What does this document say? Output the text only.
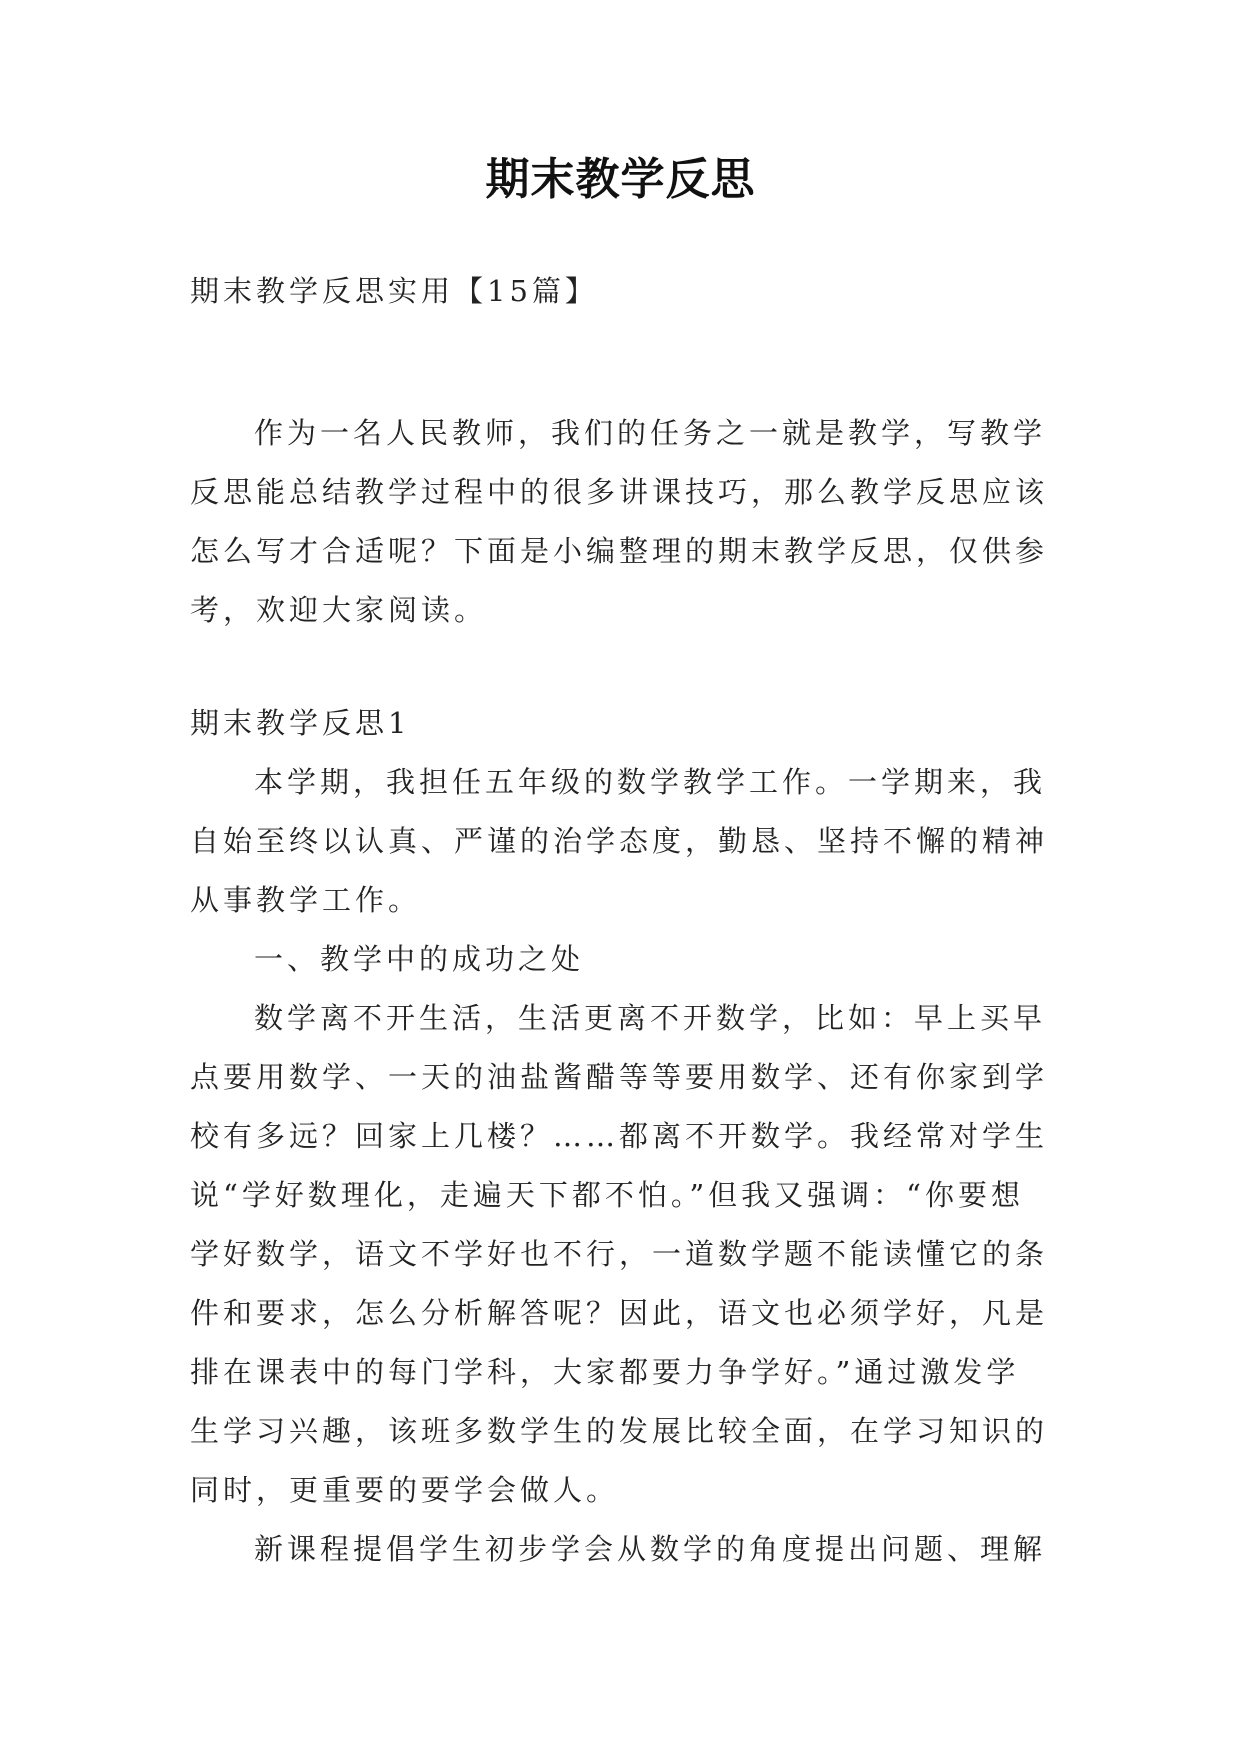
期末教学反思
期末教学反思实用【15篇】
作为一名人民教师，我们的任务之一就是教学，写教学
反思能总结教学过程中的很多讲课技巧，那么教学反思应该
怎么写才合适呢？下面是小编整理的期末教学反思，仅供参
考，欢迎大家阅读。
期末教学反思1
本学期，我担任五年级的数学教学工作。一学期来，我
自始至终以认真、严谨的治学态度，勤恳、坚持不懈的精神
从事教学工作。
一、教学中的成功之处
数学离不开生活，生活更离不开数学，比如：早上买早
点要用数学、一天的油盐酱醋等等要用数学、还有你家到学
校有多远？回家上几楼？……都离不开数学。我经常对学生
说“学好数理化，走遍天下都不怕。”但我又强调：“你要想
学好数学，语文不学好也不行，一道数学题不能读懂它的条
件和要求，怎么分析解答呢？因此，语文也必须学好，凡是
排在课表中的每门学科，大家都要力争学好。”通过激发学
生学习兴趣，该班多数学生的发展比较全面，在学习知识的
同时，更重要的要学会做人。
新课程提倡学生初步学会从数学的角度提出问题、理解
